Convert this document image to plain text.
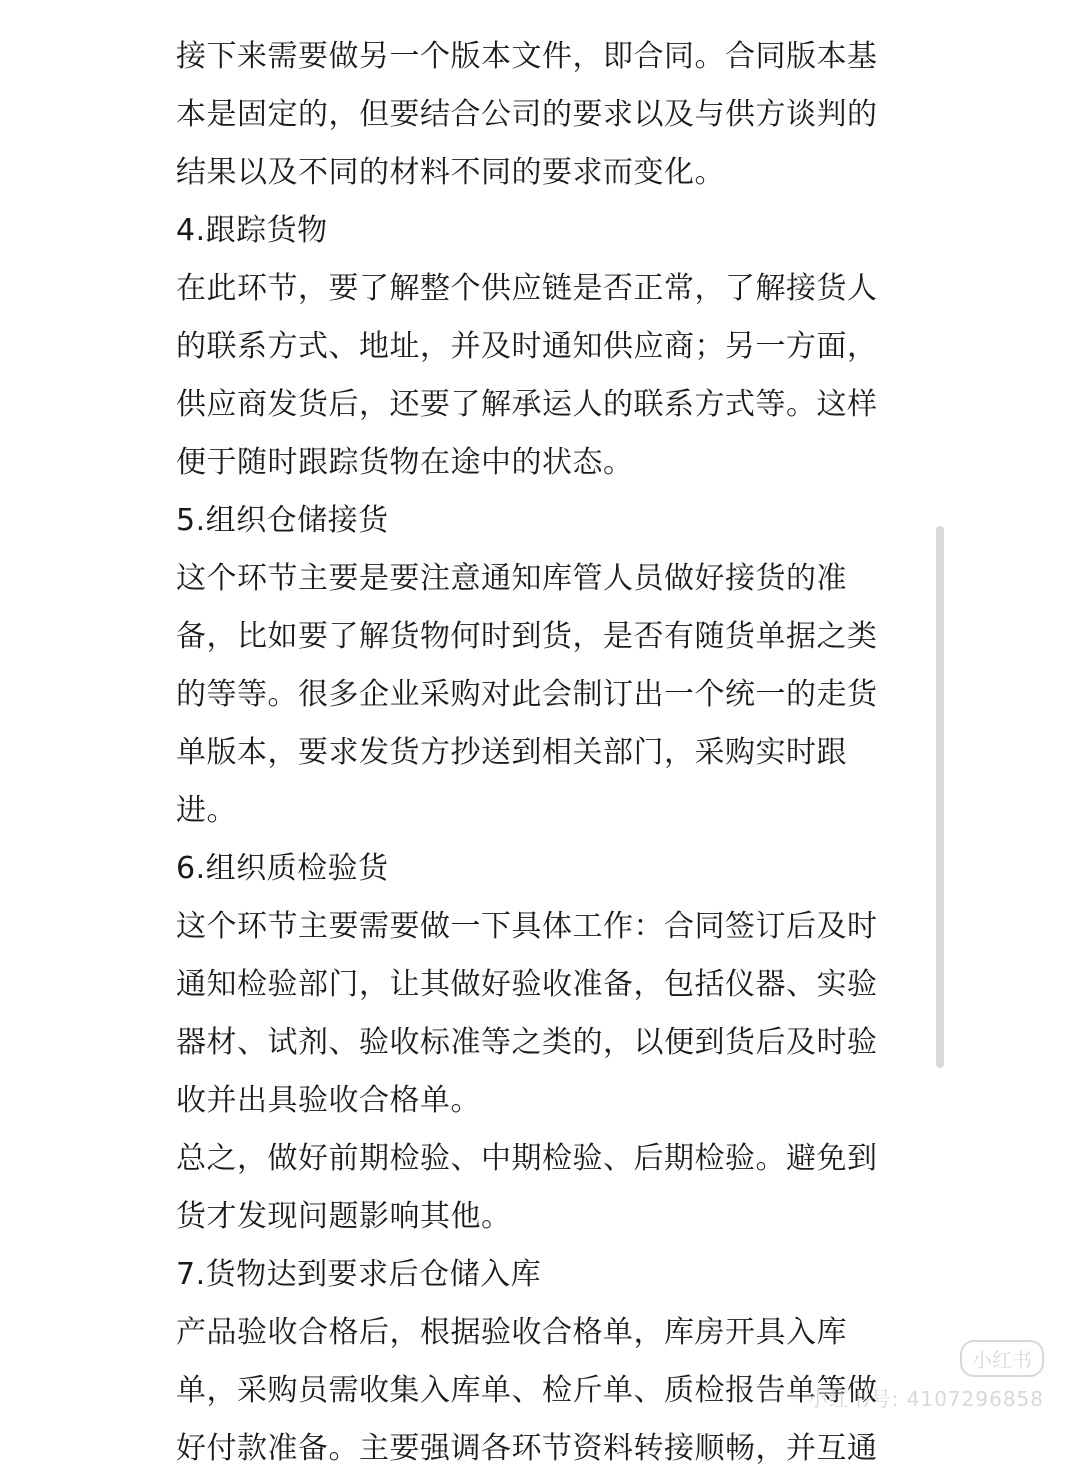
接下来需要做另一个版本文件，即合同。合同版本基
本是固定的，但要结合公司的要求以及与供方谈判的
结果以及不同的材料不同的要求而变化。
4.跟踪货物
在此环节，要了解整个供应链是否正常，了解接货人
的联系方式、地址，并及时通知供应商；另一方面，
供应商发货后，还要了解承运人的联系方式等。这样
便于随时跟踪货物在途中的状态。
5.组织仓储接货
这个环节主要是要注意通知库管人员做好接货的准
备，比如要了解货物何时到货，是否有随货单据之类
的等等。很多企业采购对此会制订出一个统一的走货
单版本，要求发货方抄送到相关部门，采购实时跟
进。
6.组织质检验货
这个环节主要需要做一下具体工作：合同签订后及时
通知检验部门，让其做好验收准备，包括仪器、实验
器材、试剂、验收标准等之类的，以便到货后及时验
收并出具验收合格单。
总之，做好前期检验、中期检验、后期检验。避免到
货才发现问题影响其他。
7.货物达到要求后仓储入库
产品验收合格后，根据验收合格单，库房开具入库
单，采购员需收集入库单、检斤单、质检报告单等做
好付款准备。主要强调各环节资料转接顺畅，并互通
小红书
小红书号: 4107296858
